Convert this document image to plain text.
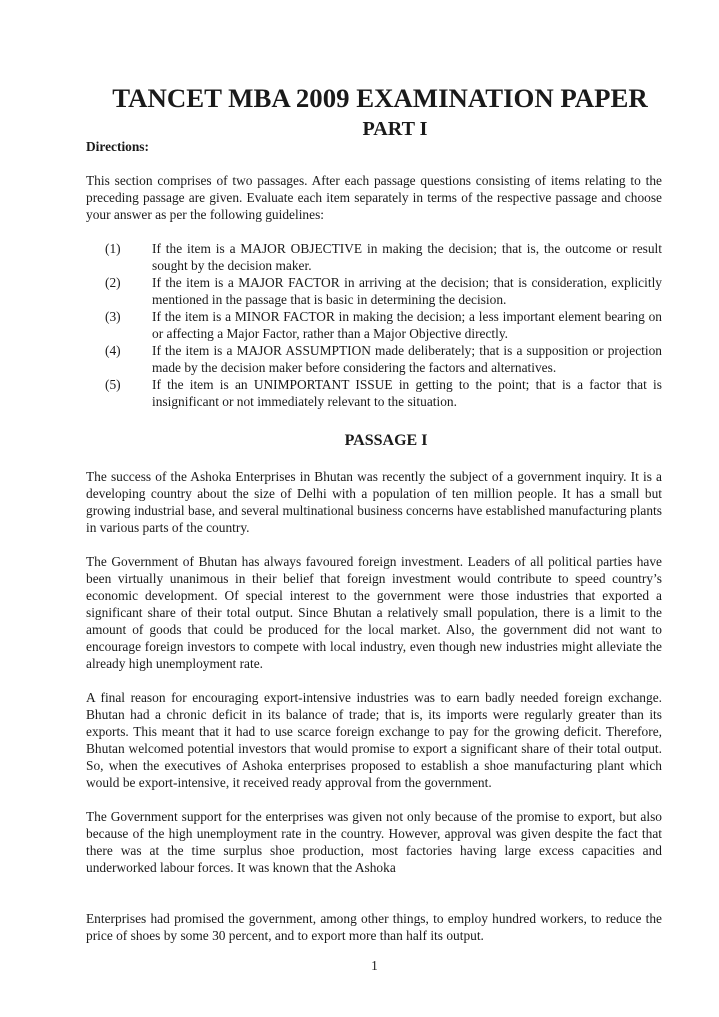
TANCET MBA 2009 EXAMINATION PAPER
PART I
Directions:

This section comprises of two passages. After each passage questions consisting of items relating to the preceding passage are given. Evaluate each item separately in terms of the respective passage and choose your answer as per the following guidelines:

(1)	If the item is a MAJOR OBJECTIVE in making the decision; that is, the outcome or result sought by the decision maker.
(2)	If the item is a MAJOR FACTOR in arriving at the decision; that is consideration, explicitly mentioned in the passage that is basic in determining the decision.
(3)	If the item is a MINOR FACTOR in making the decision; a less important element bearing on or affecting a Major Factor, rather than a Major Objective directly.
(4)	If the item is a MAJOR ASSUMPTION made deliberately; that is a supposition or projection made by the decision maker before considering the factors and alternatives.
(5)	If the item is an UNIMPORTANT ISSUE in getting to the point; that is a factor that is insignificant or not immediately relevant to the situation.
PASSAGE I

The success of the Ashoka Enterprises in Bhutan was recently the subject of a government inquiry. It is a developing country about the size of Delhi with a population of ten million people. It has a small but growing industrial base, and several multinational business concerns have established manufacturing plants in various parts of the country.

The Government of Bhutan has always favoured foreign investment. Leaders of all political parties have been virtually unanimous in their belief that foreign investment would contribute to speed country’s economic development. Of special interest to the government were those industries that exported a significant share of their total output. Since Bhutan a relatively small population, there is a limit to the amount of goods that could be produced for the local market. Also, the government did not want to encourage foreign investors to compete with local industry, even though new industries might alleviate the already high unemployment rate.

A final reason for encouraging export-intensive industries was to earn badly needed foreign exchange. Bhutan had a chronic deficit in its balance of trade; that is, its imports were regularly greater than its exports. This meant that it had to use scarce foreign exchange to pay for the growing deficit. Therefore, Bhutan welcomed potential investors that would promise to export a significant share of their total output. So, when the executives of Ashoka enterprises proposed to establish a shoe manufacturing plant which would be export-intensive, it received ready approval from the government.

The Government support for the enterprises was given not only because of the promise to export, but also because of the high unemployment rate in the country. However, approval was given despite the fact that there was at the time surplus shoe production, most factories having large excess capacities and underworked labour forces. It was known that the Ashoka

Enterprises had promised the government, among other things, to employ hundred workers, to reduce the price of shoes by some 30 percent, and to export more than half its output.

1
